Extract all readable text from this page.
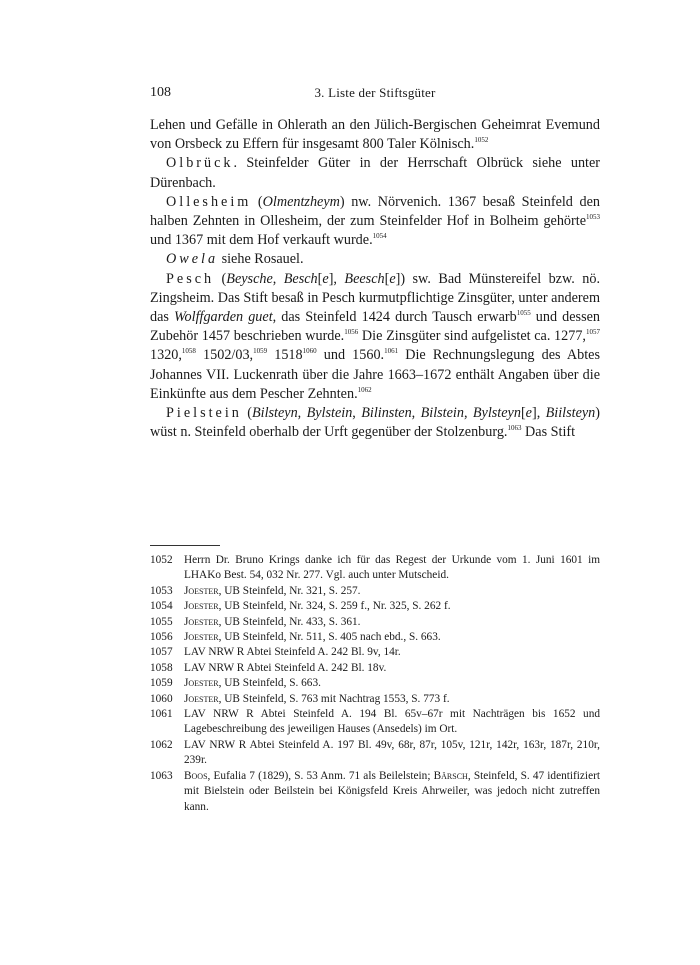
108	3. Liste der Stiftsgüter

Lehen und Gefälle in Ohlerath an den Jülich-Bergischen Geheimrat Evemund von Orsbeck zu Effern für insgesamt 800 Taler Kölnisch.$^{1052}$

Olbrück. Steinfelder Güter in der Herrschaft Olbrück siehe unter Dürenbach.

Ollesheim (Olmentzheym) nw. Nörvenich. 1367 besaß Steinfeld den halben Zehnten in Ollesheim, der zum Steinfelder Hof in Bolheim gehörte$^{1053}$ und 1367 mit dem Hof verkauft wurde.$^{1054}$

Owela siehe Rosauel.

Pesch (Beysche, Besch[e], Beesch[e]) sw. Bad Münstereifel bzw. nö. Zingsheim. Das Stift besaß in Pesch kurmutpflichtige Zinsgüter, unter anderem das Wolffgarden guet, das Steinfeld 1424 durch Tausch erwarb$^{1055}$ und dessen Zubehör 1457 beschrieben wurde.$^{1056}$ Die Zinsgüter sind aufgelistet ca. 1277,$^{1057}$ 1320,$^{1058}$ 1502/03,$^{1059}$ $1518^{1060}$ und 1560.$^{1061}$ Die Rechnungslegung des Abtes Johannes VII. Luckenrath über die Jahre 1663–1672 enthält Angaben über die Einkünfte aus dem Pescher Zehnten.$^{1062}$

Pielstein (Bilsteyn, Bylstein, Bilinsten, Bilstein, Bylsteyn[e], Biilsteyn) wüst n. Steinfeld oberhalb der Urft gegenüber der Stolzenburg.$^{1063}$ Das Stift

1052	Herrn Dr. Bruno Krings danke ich für das Regest der Urkunde vom 1. Juni 1601 im LHAKo Best. 54, 032 Nr. 277. Vgl. auch unter Mutscheid.
1053	Joester, UB Steinfeld, Nr. 321, S. 257.
1054	Joester, UB Steinfeld, Nr. 324, S. 259 f., Nr. 325, S. 262 f.
1055	Joester, UB Steinfeld, Nr. 433, S. 361.
1056	Joester, UB Steinfeld, Nr. 511, S. 405 nach ebd., S. 663.
1057	LAV NRW R Abtei Steinfeld A. 242 Bl. 9v, 14r.
1058	LAV NRW R Abtei Steinfeld A. 242 Bl. 18v.
1059	Joester, UB Steinfeld, S. 663.
1060	Joester, UB Steinfeld, S. 763 mit Nachtrag 1553, S. 773 f.
1061	LAV NRW R Abtei Steinfeld A. 194 Bl. 65v–67r mit Nachträgen bis 1652 und Lagebeschreibung des jeweiligen Hauses (Ansedels) im Ort.
1062	LAV NRW R Abtei Steinfeld A. 197 Bl. 49v, 68r, 87r, 105v, 121r, 142r, 163r, 187r, 210r, 239r.
1063	Boos, Eufalia 7 (1829), S. 53 Anm. 71 als Beilelstein; Bärsch, Steinfeld, S. 47 identifiziert mit Bielstein oder Beilstein bei Königsfeld Kreis Ahrweiler, was jedoch nicht zutreffen kann.
